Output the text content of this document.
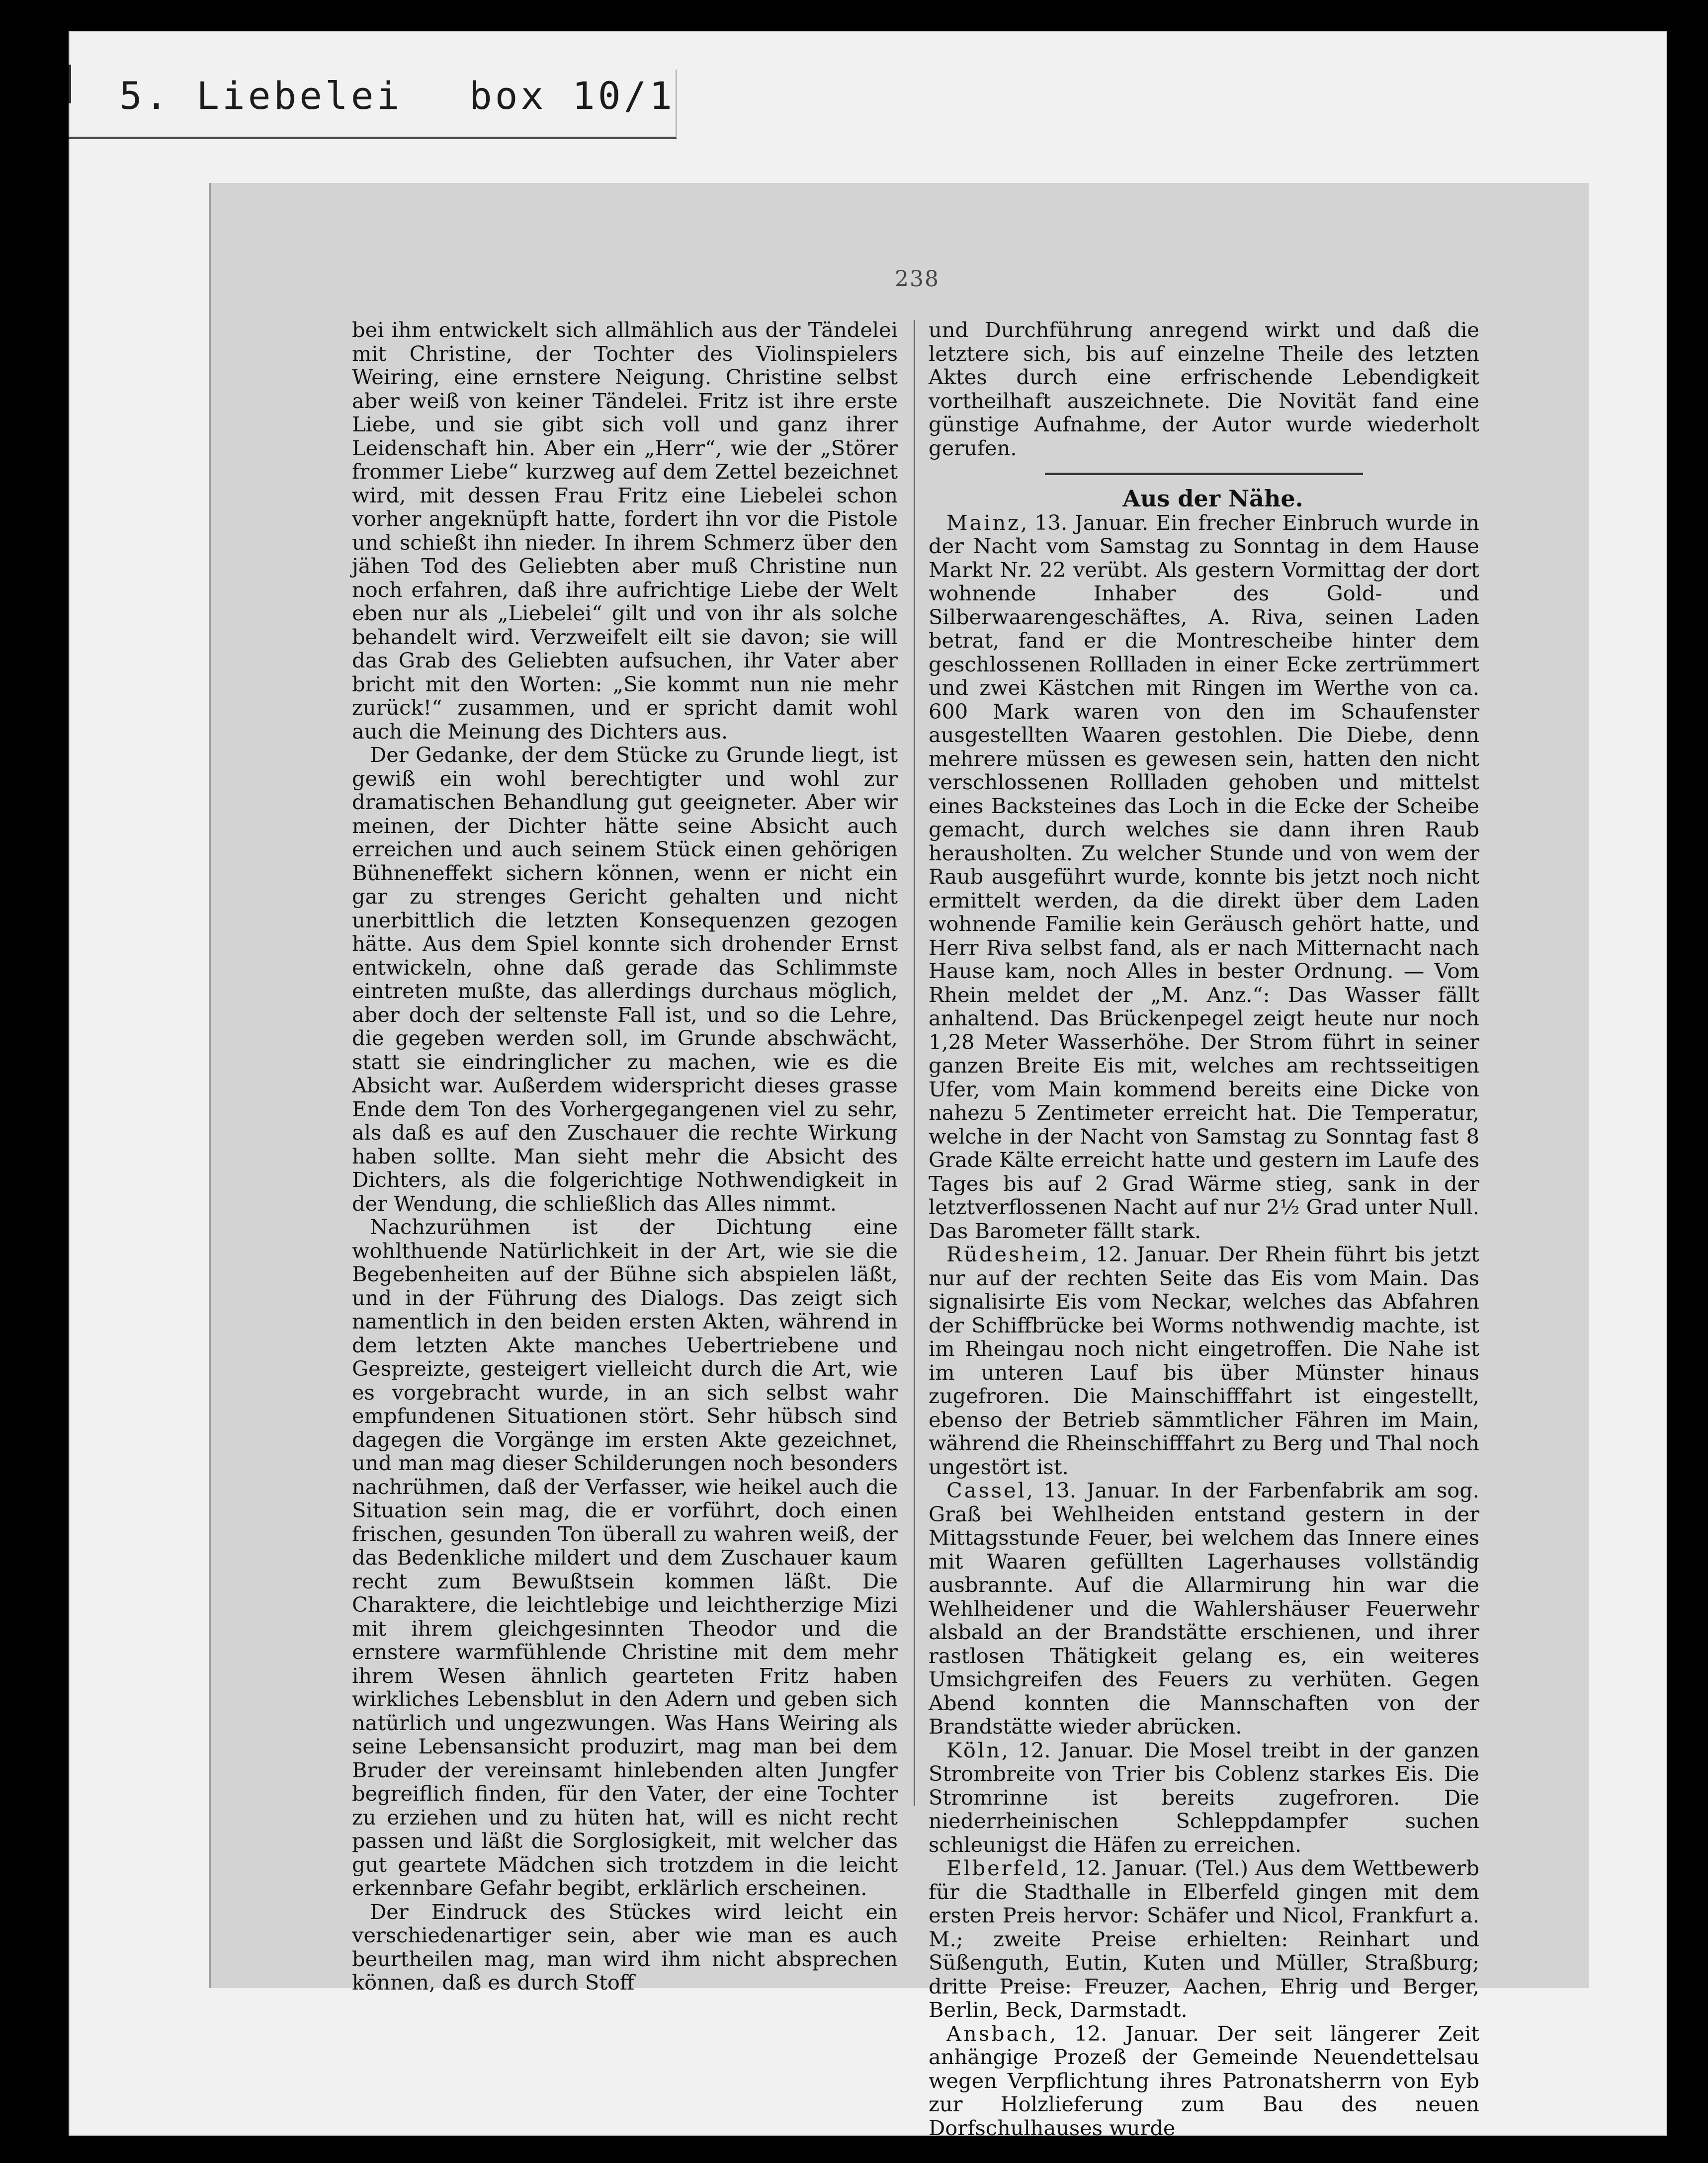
5. Liebelei box 10/1
238

bei ihm entwickelt sich allmählich aus der Tändelei mit Christine, der Tochter des Violinspielers Weiring, eine ernstere Neigung. Christine selbst aber weiß von keiner Tändelei. Fritz ist ihre erste Liebe, und sie gibt sich voll und ganz ihrer Leidenschaft hin. Aber ein „Herr“, wie der „Störer frommer Liebe“ kurzweg auf dem Zettel bezeichnet wird, mit dessen Frau Fritz eine Liebelei schon vorher angeknüpft hatte, fordert ihn vor die Pistole und schießt ihn nieder. In ihrem Schmerz über den jähen Tod des Geliebten aber muß Christine nun noch erfahren, daß ihre aufrichtige Liebe der Welt eben nur als „Liebelei“ gilt und von ihr als solche behandelt wird. Verzweifelt eilt sie davon; sie will das Grab des Geliebten aufsuchen, ihr Vater aber bricht mit den Worten: „Sie kommt nun nie mehr zurück!“ zusammen, und er spricht damit wohl auch die Meinung des Dichters aus.

Der Gedanke, der dem Stücke zu Grunde liegt, ist gewiß ein wohl berechtigter und wohl zur dramatischen Behandlung gut geeigneter. Aber wir meinen, der Dichter hätte seine Absicht auch erreichen und auch seinem Stück einen gehörigen Bühneneffekt sichern können, wenn er nicht ein gar zu strenges Gericht gehalten und nicht unerbittlich die letzten Konsequenzen gezogen hätte. Aus dem Spiel konnte sich drohender Ernst entwickeln, ohne daß gerade das Schlimmste eintreten mußte, das allerdings durchaus möglich, aber doch der seltenste Fall ist, und so die Lehre, die gegeben werden soll, im Grunde abschwächt, statt sie eindringlicher zu machen, wie es die Absicht war. Außerdem widerspricht dieses grasse Ende dem Ton des Vorhergegangenen viel zu sehr, als daß es auf den Zuschauer die rechte Wirkung haben sollte. Man sieht mehr die Absicht des Dichters, als die folgerichtige Nothwendigkeit in der Wendung, die schließlich das Alles nimmt.

Nachzurühmen ist der Dichtung eine wohlthuende Natürlichkeit in der Art, wie sie die Begebenheiten auf der Bühne sich abspielen läßt, und in der Führung des Dialogs. Das zeigt sich namentlich in den beiden ersten Akten, während in dem letzten Akte manches Uebertriebene und Gespreizte, gesteigert vielleicht durch die Art, wie es vorgebracht wurde, in an sich selbst wahr empfundenen Situationen stört. Sehr hübsch sind dagegen die Vorgänge im ersten Akte gezeichnet, und man mag dieser Schilderungen noch besonders nachrühmen, daß der Verfasser, wie heikel auch die Situation sein mag, die er vorführt, doch einen frischen, gesunden Ton überall zu wahren weiß, der das Bedenkliche mildert und dem Zuschauer kaum recht zum Bewußtsein kommen läßt. Die Charaktere, die leichtlebige und leichtherzige Mizi mit ihrem gleichgesinnten Theodor und die ernstere warmfühlende Christine mit dem mehr ihrem Wesen ähnlich gearteten Fritz haben wirkliches Lebensblut in den Adern und geben sich natürlich und ungezwungen. Was Hans Weiring als seine Lebensansicht produzirt, mag man bei dem Bruder der vereinsamt hinlebenden alten Jungfer begreiflich finden, für den Vater, der eine Tochter zu erziehen und zu hüten hat, will es nicht recht passen und läßt die Sorglosigkeit, mit welcher das gut geartete Mädchen sich trotzdem in die leicht erkennbare Gefahr begibt, erklärlich erscheinen.

Der Eindruck des Stückes wird leicht ein verschiedenartiger sein, aber wie man es auch beurtheilen mag, man wird ihm nicht absprechen können, daß es durch Stoff

und Durchführung anregend wirkt und daß die letztere sich, bis auf einzelne Theile des letzten Aktes durch eine erfrischende Lebendigkeit vortheilhaft auszeichnete. Die Novität fand eine günstige Aufnahme, der Autor wurde wiederholt gerufen.

Aus der Nähe.

Mainz, 13. Januar. Ein frecher Einbruch wurde in der Nacht vom Samstag zu Sonntag in dem Hause Markt Nr. 22 verübt. Als gestern Vormittag der dort wohnende Inhaber des Gold- und Silberwaarengeschäftes, A. Riva, seinen Laden betrat, fand er die Montrescheibe hinter dem geschlossenen Rollladen in einer Ecke zertrümmert und zwei Kästchen mit Ringen im Werthe von ca. 600 Mark waren von den im Schaufenster ausgestellten Waaren gestohlen. Die Diebe, denn mehrere müssen es gewesen sein, hatten den nicht verschlossenen Rollladen gehoben und mittelst eines Backsteines das Loch in die Ecke der Scheibe gemacht, durch welches sie dann ihren Raub herausholten. Zu welcher Stunde und von wem der Raub ausgeführt wurde, konnte bis jetzt noch nicht ermittelt werden, da die direkt über dem Laden wohnende Familie kein Geräusch gehört hatte, und Herr Riva selbst fand, als er nach Mitternacht nach Hause kam, noch Alles in bester Ordnung. — Vom Rhein meldet der „M. Anz.“: Das Wasser fällt anhaltend. Das Brückenpegel zeigt heute nur noch 1,28 Meter Wasserhöhe. Der Strom führt in seiner ganzen Breite Eis mit, welches am rechtsseitigen Ufer, vom Main kommend bereits eine Dicke von nahezu 5 Zentimeter erreicht hat. Die Temperatur, welche in der Nacht von Samstag zu Sonntag fast 8 Grade Kälte erreicht hatte und gestern im Laufe des Tages bis auf 2 Grad Wärme stieg, sank in der letztverflossenen Nacht auf nur 2½ Grad unter Null. Das Barometer fällt stark.

Rüdesheim, 12. Januar. Der Rhein führt bis jetzt nur auf der rechten Seite das Eis vom Main. Das signalisirte Eis vom Neckar, welches das Abfahren der Schiffbrücke bei Worms nothwendig machte, ist im Rheingau noch nicht eingetroffen. Die Nahe ist im unteren Lauf bis über Münster hinaus zugefroren. Die Mainschifffahrt ist eingestellt, ebenso der Betrieb sämmtlicher Fähren im Main, während die Rheinschifffahrt zu Berg und Thal noch ungestört ist.

Cassel, 13. Januar. In der Farbenfabrik am sog. Graß bei Wehlheiden entstand gestern in der Mittagsstunde Feuer, bei welchem das Innere eines mit Waaren gefüllten Lagerhauses vollständig ausbrannte. Auf die Allarmirung hin war die Wehlheidener und die Wahlershäuser Feuerwehr alsbald an der Brandstätte erschienen, und ihrer rastlosen Thätigkeit gelang es, ein weiteres Umsichgreifen des Feuers zu verhüten. Gegen Abend konnten die Mannschaften von der Brandstätte wieder abrücken.

Köln, 12. Januar. Die Mosel treibt in der ganzen Strombreite von Trier bis Coblenz starkes Eis. Die Stromrinne ist bereits zugefroren. Die niederrheinischen Schleppdampfer suchen schleunigst die Häfen zu erreichen.

Elberfeld, 12. Januar. (Tel.) Aus dem Wettbewerb für die Stadthalle in Elberfeld gingen mit dem ersten Preis hervor: Schäfer und Nicol, Frankfurt a. M.; zweite Preise erhielten: Reinhart und Süßenguth, Eutin, Kuten und Müller, Straßburg; dritte Preise: Freuzer, Aachen, Ehrig und Berger, Berlin, Beck, Darmstadt.

Ansbach, 12. Januar. Der seit längerer Zeit anhängige Prozeß der Gemeinde Neuendettelsau wegen Verpflichtung ihres Patronatsherrn von Eyb zur Holzlieferung zum Bau des neuen Dorfschulhauses wurde
